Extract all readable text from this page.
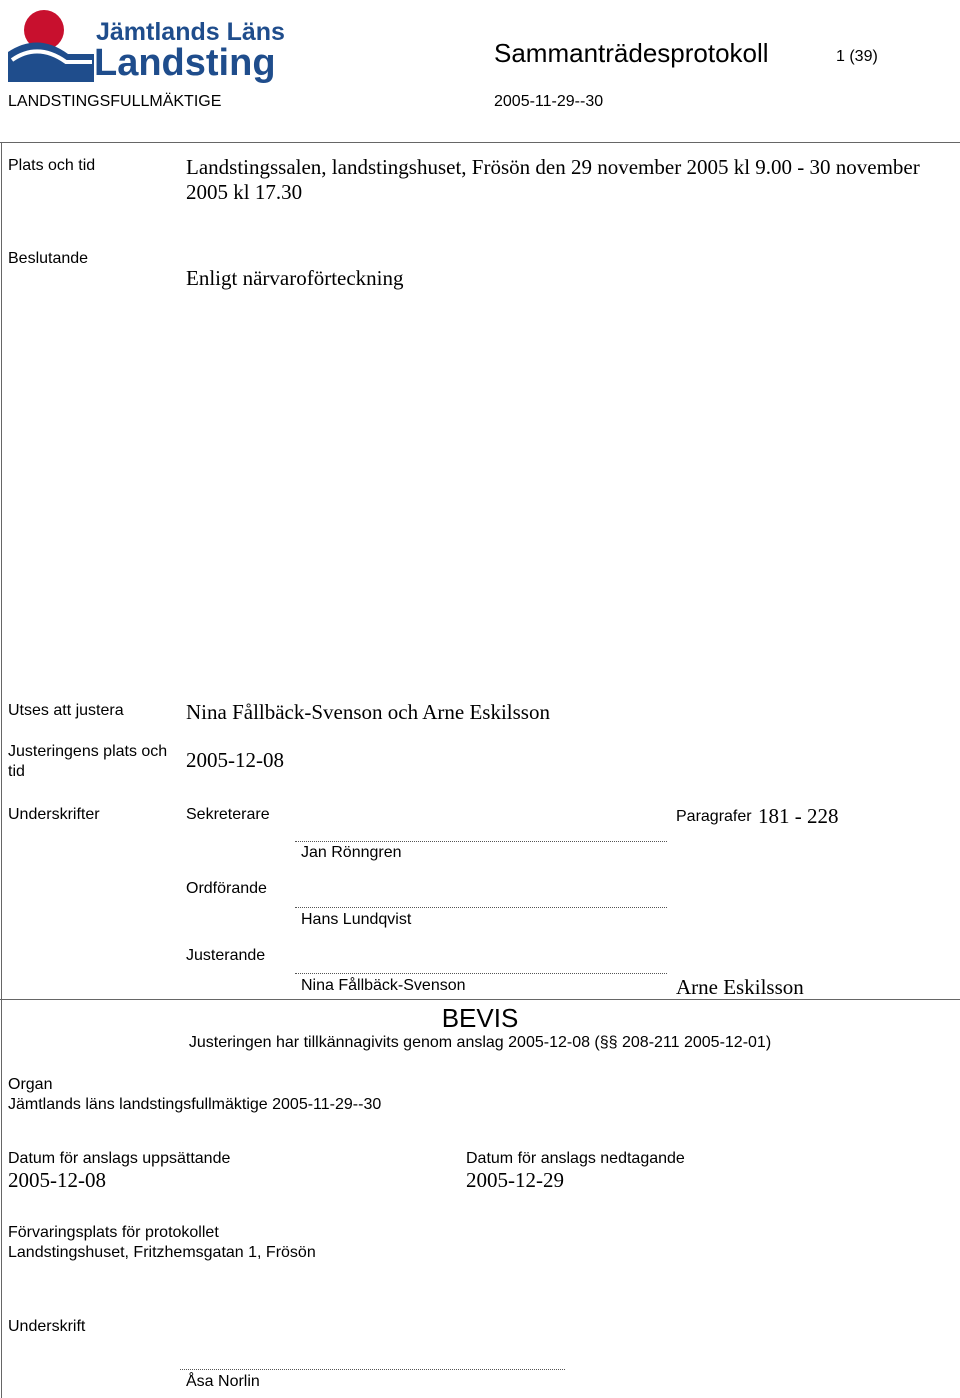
Jämtlands Läns
Landsting	Sammanträdesprotokoll	1 (39)
LANDSTINGSFULLMÄKTIGE	2005-11-29--30
Plats och tid	Landstingssalen, landstingshuset, Frösön den 29 november 2005 kl 9.00 - 30 november
2005 kl 17.30
Beslutande
Enligt närvaroförteckning
Utses att justera	Nina Fållbäck-Svenson och Arne Eskilsson
Justeringens plats och
tid	2005-12-08
Underskrifter	Sekreterare	Paragrafer 181 - 228
Jan Rönngren
Ordförande
Hans Lundqvist
Justerande
Nina Fållbäck-Svenson	Arne Eskilsson
BEVIS
Justeringen har tillkännagivits genom anslag 2005-12-08 (§§ 208-211 2005-12-01)
Organ
Jämtlands läns landstingsfullmäktige 2005-11-29--30
Datum för anslags uppsättande
2005-12-08
Datum för anslags nedtagande
2005-12-29
Förvaringsplats för protokollet
Landstingshuset, Fritzhemsgatan 1, Frösön
Underskrift
Åsa Norlin
